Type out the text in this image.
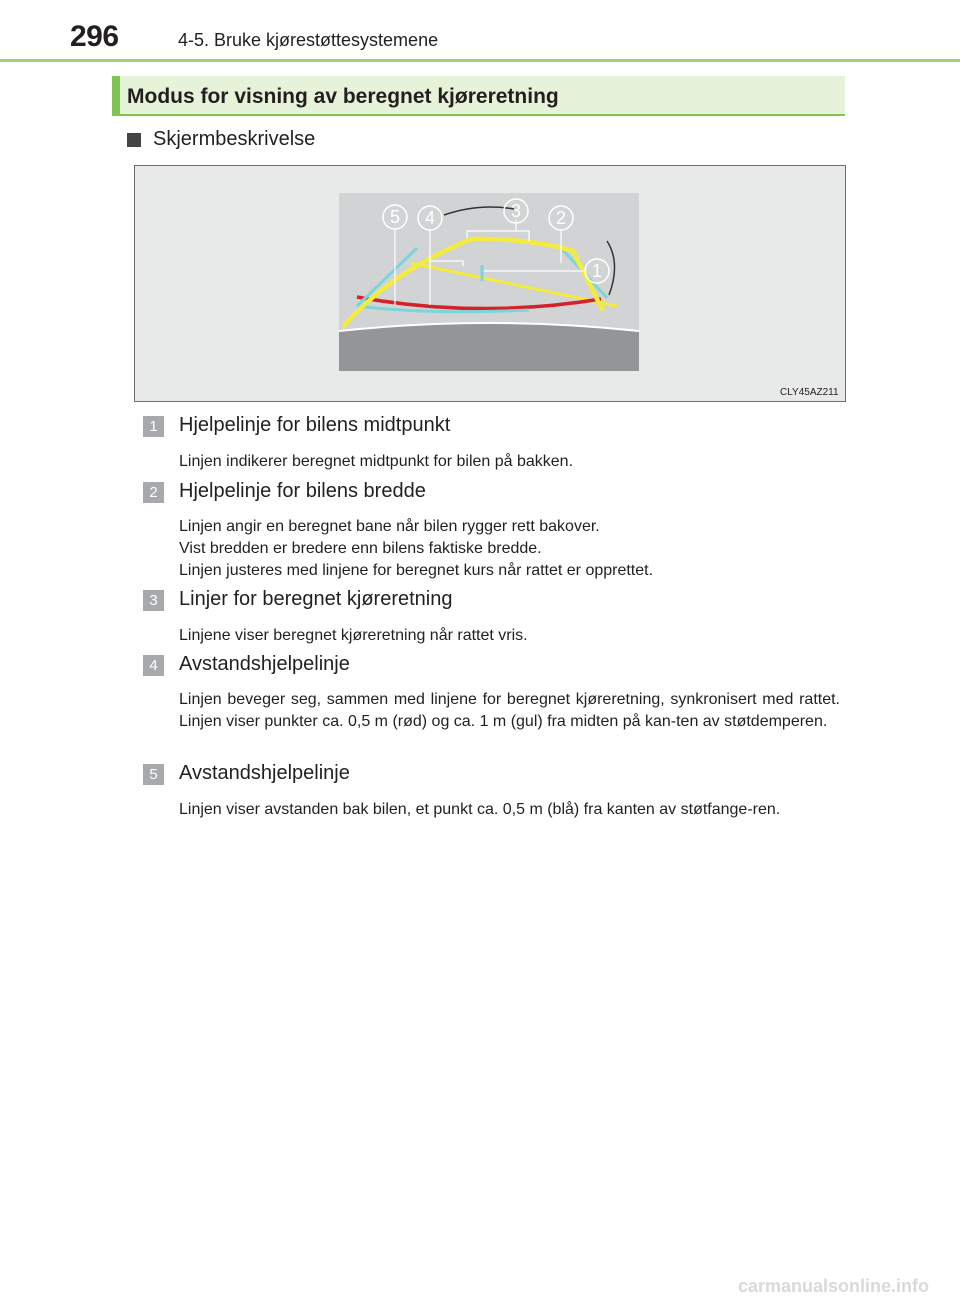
296	4-5. Bruke kjørestøttesystemene
Modus for visning av beregnet kjøreretning
Skjermbeskrivelse
5 4	3 2
1
CLY45AZ211
1	Hjelpelinje for bilens midtpunkt
Linjen indikerer beregnet midtpunkt for bilen på bakken.
2	Hjelpelinje for bilens bredde
Linjen angir en beregnet bane når bilen rygger rett bakover.
Vist bredden er bredere enn bilens faktiske bredde.
Linjen justeres med linjene for beregnet kurs når rattet er opprettet.
3	Linjer for beregnet kjøreretning
Linjene viser beregnet kjøreretning når rattet vris.
4	Avstandshjelpelinje
Linjen beveger seg, sammen med linjene for beregnet kjøreretning, synkronisert med rattet. Linjen viser punkter ca. 0,5 m (rød) og ca. 1 m (gul) fra midten på kan-ten av støtdemperen.
5	Avstandshjelpelinje
Linjen viser avstanden bak bilen, et punkt ca. 0,5 m (blå) fra kanten av støtfange-ren.
carmanualsonline.info
